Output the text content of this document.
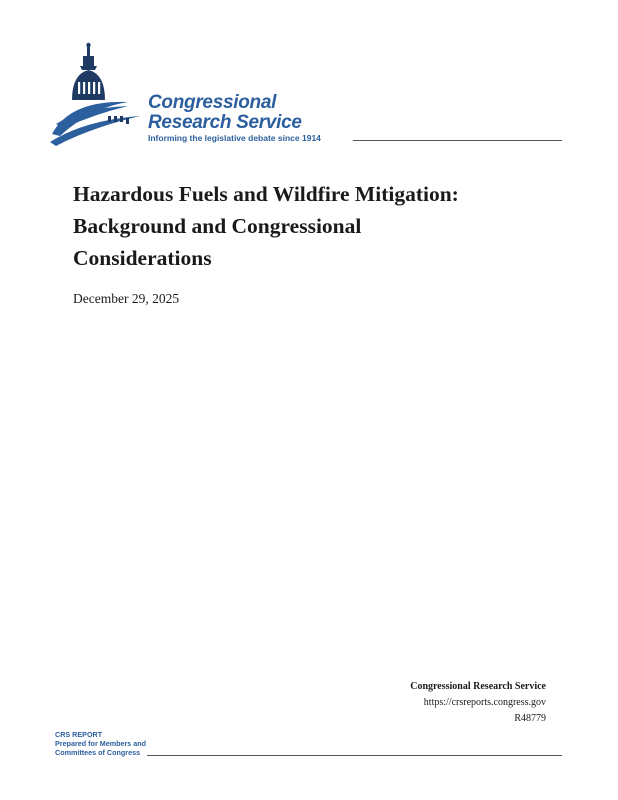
Congressional
Research Service
Informing the legislative debate since 1914
Hazardous Fuels and Wildfire Mitigation:
Background and Congressional
Considerations
December 29, 2025
Congressional Research Service
https://crsreports.congress.gov
R48779
CRS REPORT
Prepared for Members and
Committees of Congress
